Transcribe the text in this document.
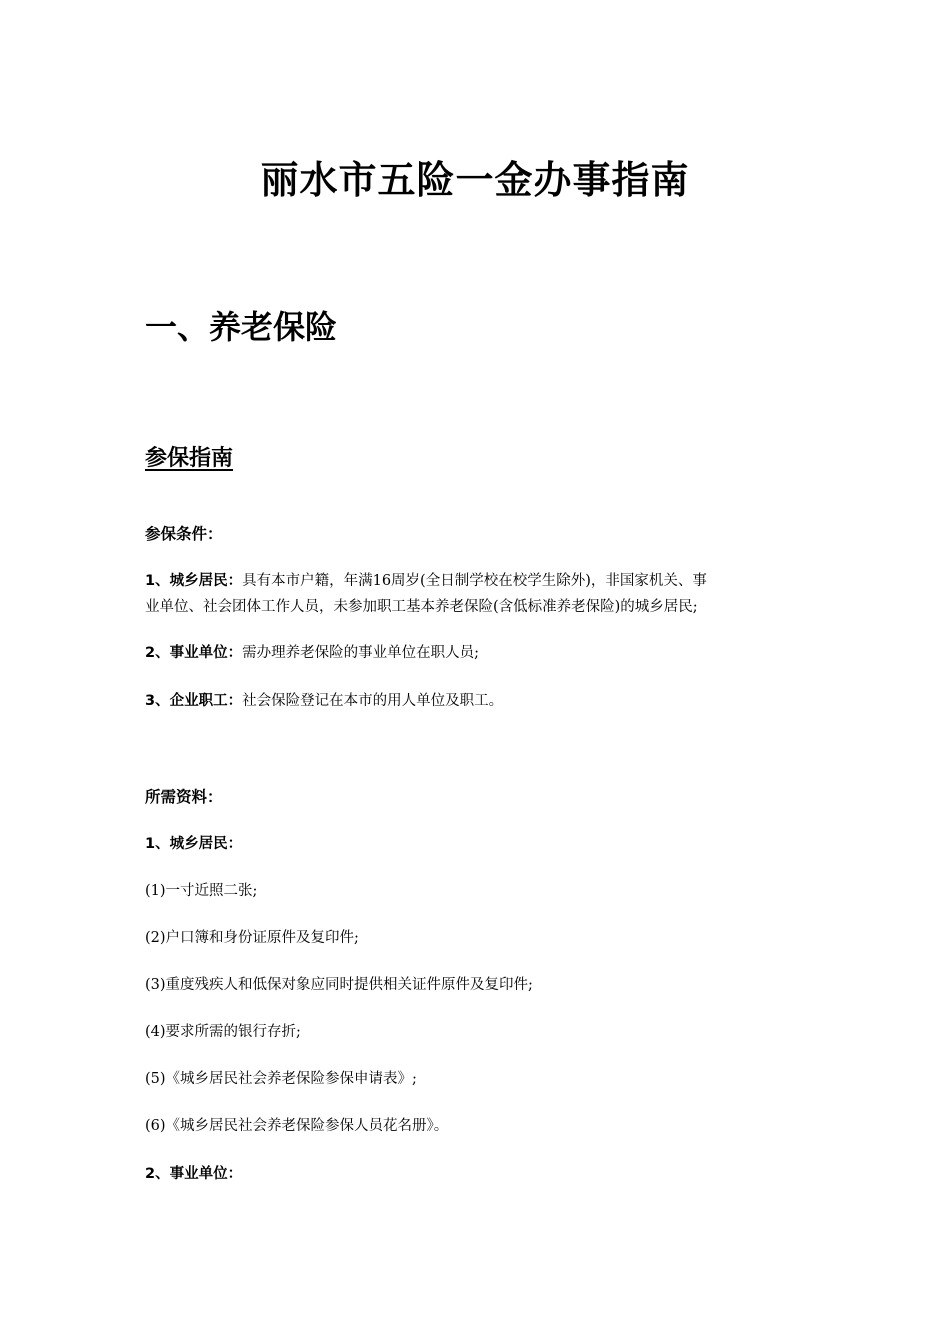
丽水市五险一金办事指南
一、养老保险
参保指南
参保条件：
1、城乡居民：具有本市户籍，年满16周岁(全日制学校在校学生除外)，非国家机关、事
业单位、社会团体工作人员，未参加职工基本养老保险(含低标准养老保险)的城乡居民;
2、事业单位：需办理养老保险的事业单位在职人员;
3、企业职工：社会保险登记在本市的用人单位及职工。
所需资料：
1、城乡居民：
(1)一寸近照二张;
(2)户口簿和身份证原件及复印件;
(3)重度残疾人和低保对象应同时提供相关证件原件及复印件;
(4)要求所需的银行存折;
(5)《城乡居民社会养老保险参保申请表》;
(6)《城乡居民社会养老保险参保人员花名册》。
2、事业单位：
